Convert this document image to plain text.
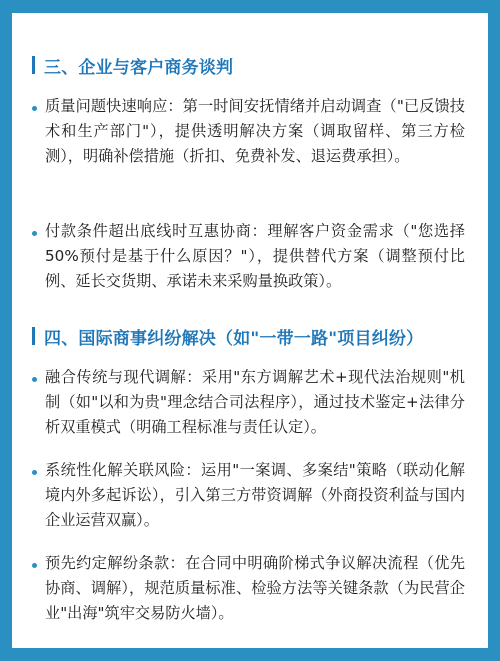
三、企业与客户商务谈判

质量问题快速响应：第一时间安抚情绪并启动调查（"已反馈技术和生产部门"），提供透明解决方案（调取留样、第三方检测），明确补偿措施（折扣、免费补发、退运费承担）。

付款条件超出底线时互惠协商：理解客户资金需求（"您选择50%预付是基于什么原因？"），提供替代方案（调整预付比例、延长交货期、承诺未来采购量换政策）。

四、国际商事纠纷解决（如"一带一路"项目纠纷）

融合传统与现代调解：采用"东方调解艺术+现代法治规则"机制（如"以和为贵"理念结合司法程序），通过技术鉴定+法律分析双重模式（明确工程标准与责任认定）。

系统性化解关联风险：运用"一案调、多案结"策略（联动化解境内外多起诉讼），引入第三方带资调解（外商投资利益与国内企业运营双赢）。

预先约定解纷条款：在合同中明确阶梯式争议解决流程（优先协商、调解），规范质量标准、检验方法等关键条款（为民营企业"出海"筑牢交易防火墙）。
